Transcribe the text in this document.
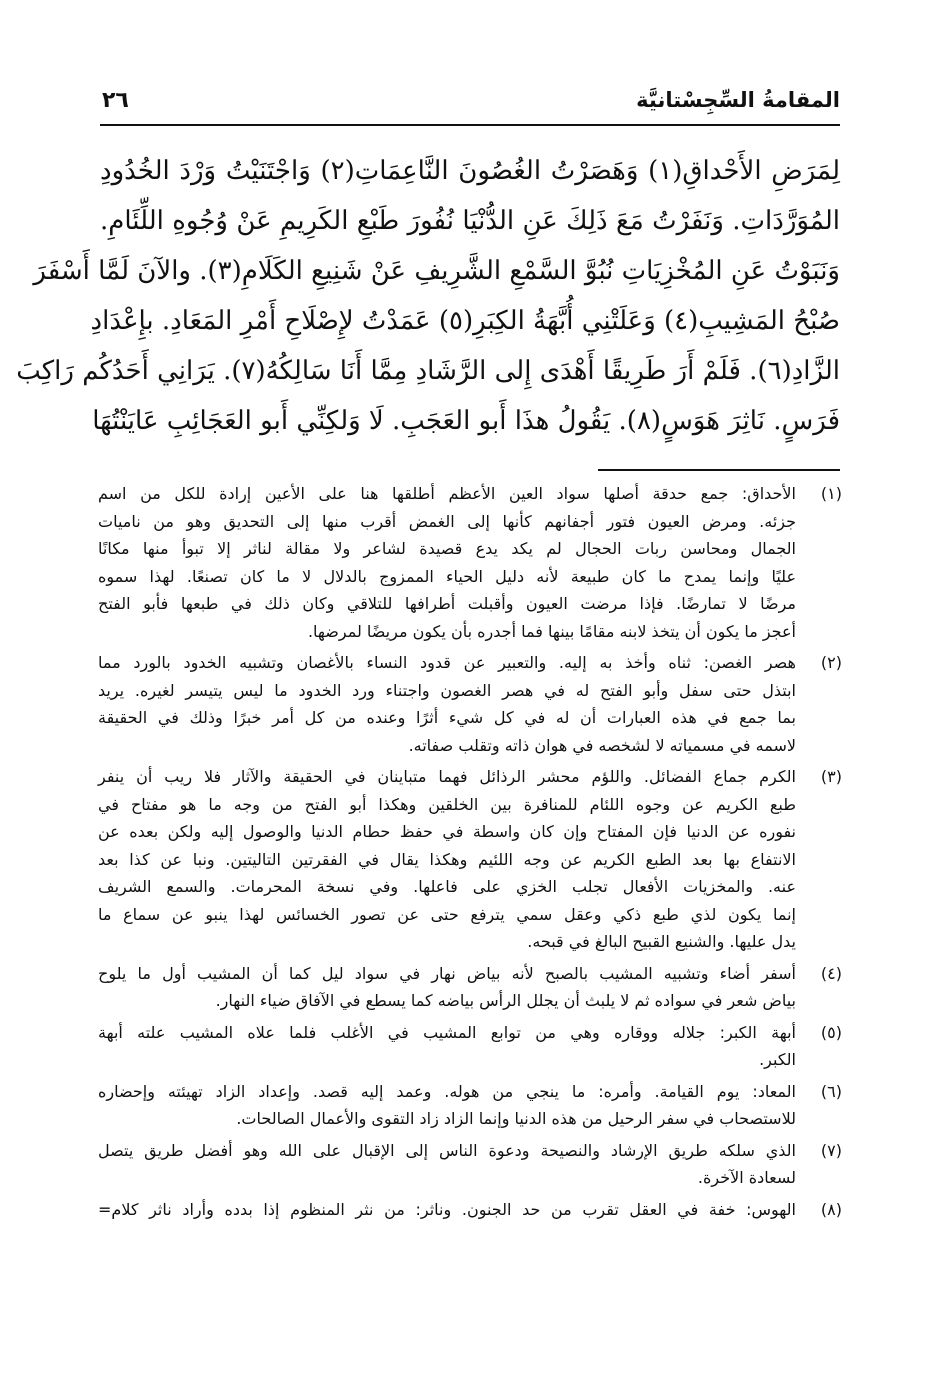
المقامةُ السِّجِسْتانيَّة
٢٦
لِمَرَضِ الأَحْداقِ(١) وَهَصَرْتُ الغُصُونَ النَّاعِمَاتِ(٢) وَاجْتَنَيْتُ وَرْدَ الخُدُودِ
المُوَرَّدَاتِ. وَنَفَرْتُ مَعَ ذَلِكَ عَنِ الدُّنْيَا نُفُورَ طَبْعِ الكَرِيمِ عَنْ وُجُوهِ اللِّئَامِ.
وَنَبَوْتُ عَنِ المُخْزِيَاتِ نُبُوَّ السَّمْعِ الشَّرِيفِ عَنْ شَنِيعِ الكَلَامِ(٣). والآنَ لَمَّا أَسْفَرَ
صُبْحُ المَشِيبِ(٤) وَعَلَتْنِي أُبَّهَةُ الكِبَرِ(٥) عَمَدْتُ لإِصْلَاحِ أَمْرِ المَعَادِ. بإِعْدَادِ
الزَّادِ(٦). فَلَمْ أَرَ طَرِيقًا أَهْدَى إِلى الرَّشَادِ مِمَّا أَنَا سَالِكُهُ(٧). يَرَانِي أَحَدُكُم رَاكِبَ
فَرَسٍ. نَاثِرَ هَوَسٍ(٨). يَقُولُ هذَا أَبو العَجَبِ. لَا وَلكِنِّي أَبو العَجَائِبِ عَايَنْتُهَا
(١)
الأحداق: جمع حدقة أصلها سواد العين الأعظم أطلقها هنا على الأعين إرادة للكل من اسم
جزئه. ومرض العيون فتور أجفانهم كأنها إلى الغمض أقرب منها إلى التحديق وهو من ناميات
الجمال ومحاسن ربات الحجال لم يكد يدع قصيدة لشاعر ولا مقالة لناثر إلا تبوأ منها مكانًا
عليًا وإنما يمدح ما كان طبيعة لأنه دليل الحياء الممزوج بالدلال لا ما كان تصنعًا. لهذا سموه
مرضًا لا تمارضًا. فإذا مرضت العيون وأقبلت أطرافها للتلاقي وكان ذلك في طبعها فأبو الفتح
أعجز ما يكون أن يتخذ لابنه مقامًا بينها فما أجدره بأن يكون مريضًا لمرضها.
(٢)
هصر الغصن: ثناه وأخذ به إليه. والتعبير عن قدود النساء بالأغصان وتشبيه الخدود بالورد مما
ابتذل حتى سفل وأبو الفتح له في هصر الغصون واجتناء ورد الخدود ما ليس يتيسر لغيره. يريد
بما جمع في هذه العبارات أن له في كل شيء أثرًا وعنده من كل أمر خبرًا وذلك في الحقيقة
لاسمه في مسمياته لا لشخصه في هوان ذاته وتقلب صفاته.
(٣)
الكرم جماع الفضائل. واللؤم محشر الرذائل فهما متباينان في الحقيقة والآثار فلا ريب أن ينفر
طبع الكريم عن وجوه اللئام للمنافرة بين الخلقين وهكذا أبو الفتح من وجه ما هو مفتاح في
نفوره عن الدنيا فإن المفتاح وإن كان واسطة في حفظ حطام الدنيا والوصول إليه ولكن بعده عن
الانتفاع بها بعد الطبع الكريم عن وجه اللئيم وهكذا يقال في الفقرتين التاليتين. ونبا عن كذا بعد
عنه. والمخزيات الأفعال تجلب الخزي على فاعلها. وفي نسخة المحرمات. والسمع الشريف
إنما يكون لذي طبع ذكي وعقل سمي يترفع حتى عن تصور الخسائس لهذا ينبو عن سماع ما
يدل عليها. والشنيع القبيح البالغ في قبحه.
(٤)
أسفر أضاء وتشبيه المشيب بالصبح لأنه بياض نهار في سواد ليل كما أن المشيب أول ما يلوح
بياض شعر في سواده ثم لا يلبث أن يجلل الرأس بياضه كما يسطع في الآفاق ضياء النهار.
(٥)
أبهة الكبر: جلاله ووقاره وهي من توابع المشيب في الأغلب فلما علاه المشيب علته أبهة
الكبر.
(٦)
المعاد: يوم القيامة. وأمره: ما ينجي من هوله. وعمد إليه قصد. وإعداد الزاد تهيئته وإحضاره
للاستصحاب في سفر الرحيل من هذه الدنيا وإنما الزاد زاد التقوى والأعمال الصالحات.
(٧)
الذي سلكه طريق الإرشاد والنصيحة ودعوة الناس إلى الإقبال على الله وهو أفضل طريق يتصل
لسعادة الآخرة.
(٨)
الهوس: خفة في العقل تقرب من حد الجنون. وناثر: من نثر المنظوم إذا بدده وأراد ناثر كلام=
